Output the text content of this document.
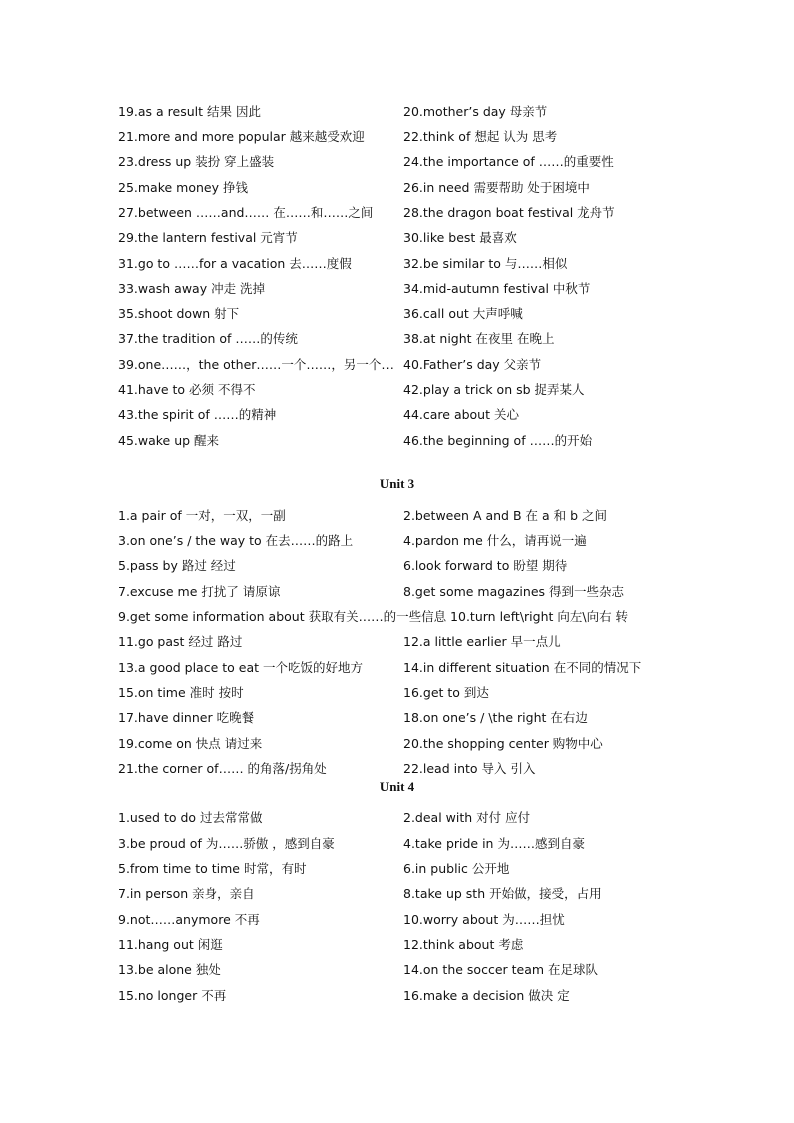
19.as a result 结果 因此	20.mother’s day 母亲节
21.more and more popular 越来越受欢迎	22.think of 想起 认为 思考
23.dress up 装扮 穿上盛装	24.the importance of ……的重要性
25.make money 挣钱	26.in need 需要帮助 处于困境中
27.between ……and…… 在……和……之间 28.the dragon boat festival 龙舟节
29.the lantern festival 元宵节	30.like best 最喜欢
31.go to ……for a vacation 去……度假	32.be similar to 与……相似
33.wash away 冲走 洗掉	34.mid-autumn festival 中秋节
35.shoot down 射下	36.call out 大声呼喊
37.the tradition of ……的传统	38.at night 在夜里 在晚上
39.one……，the other……一个……，另一个… 40.Father’s day 父亲节
41.have to 必须 不得不	42.play a trick on sb 捉弄某人
43.the spirit of ……的精神	44.care about 关心
45.wake up 醒来	46.the beginning of ……的开始
Unit 3
1.a pair of 一对，一双，一副	2.between A and B 在 a 和 b 之间
3.on one’s / the way to 在去……的路上	4.pardon me 什么，请再说一遍
5.pass by 路过 经过	6.look forward to 盼望 期待
7.excuse me 打扰了 请原谅	8.get some magazines 得到一些杂志
9.get some information about 获取有关……的一些信息 10.turn left\right 向左\向右 转
11.go past 经过 路过	12.a little earlier 早一点儿
13.a good place to eat 一个吃饭的好地方	14.in different situation 在不同的情况下
15.on time 准时 按时	16.get to 到达
17.have dinner 吃晚餐	18.on one’s / \the right 在右边
19.come on 快点 请过来	20.the shopping center 购物中心
21.the corner of…… 的角落/拐角处	22.lead into 导入 引入
Unit 4
1.used to do 过去常常做	2.deal with 对付 应付
3.be proud of 为……骄傲 ，感到自豪	4.take pride in 为……感到自豪
5.from time to time 时常，有时	6.in public 公开地
7.in person 亲身，亲自	8.take up sth 开始做，接受，占用
9.not……anymore 不再	10.worry about 为……担忧
11.hang out 闲逛	12.think about 考虑
13.be alone 独处	14.on the soccer team 在足球队
15.no longer 不再	16.make a decision 做决 定
